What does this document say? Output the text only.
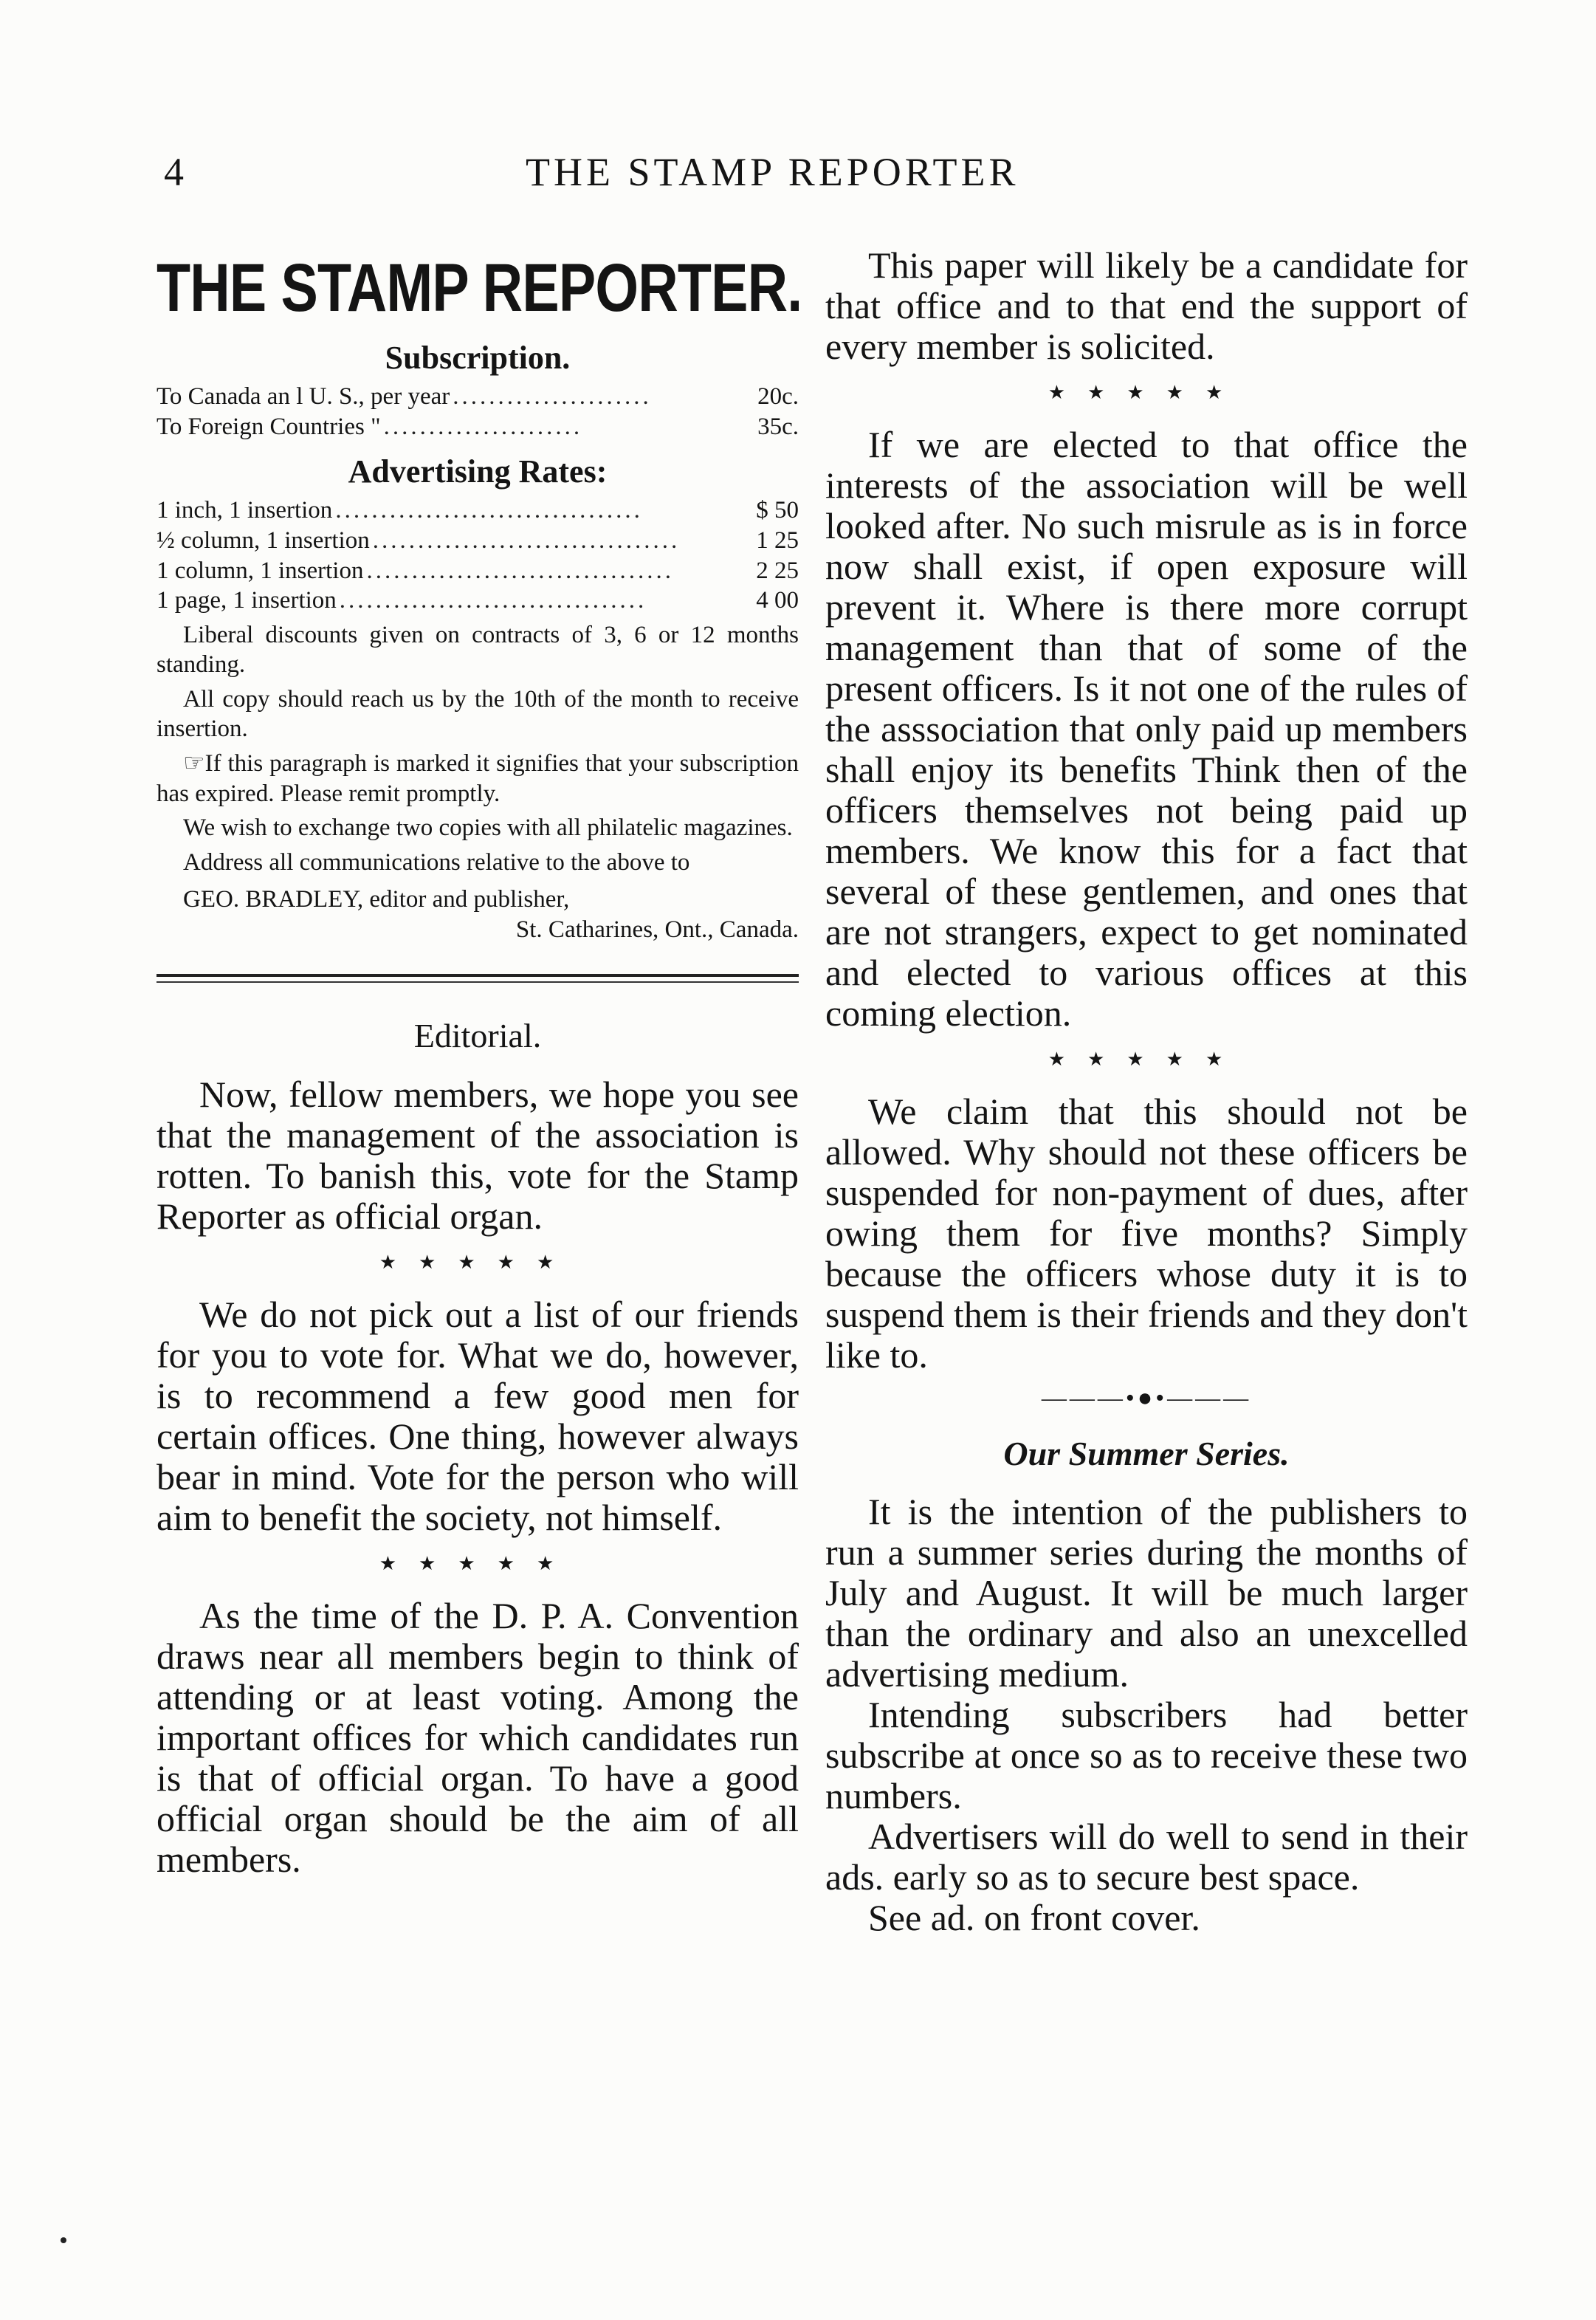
4	THE STAMP REPORTER
THE STAMP REPORTER.
Subscription.
To Canada an l U. S., per year ......................	20c.
To Foreign Countries " ......................	35c.
Advertising Rates:
1 inch, 1 insertion ..................................	$ 50
½ column, 1 insertion ..................................	1 25
1 column, 1 insertion ..................................	2 25
1 page, 1 insertion ..................................	4 00

Liberal discounts given on contracts of 3, 6 or 12 months standing.

All copy should reach us by the 10th of the month to receive insertion.

☞If this paragraph is marked it signifies that your subscription has expired. Please remit promptly.

We wish to exchange two copies with all philatelic magazines.

Address all communications relative to the above to

GEO. BRADLEY, editor and publisher,
St. Catharines, Ont., Canada.
Editorial.

Now, fellow members, we hope you see that the management of the association is rotten. To banish this, vote for the Stamp Reporter as official organ.

★★★★★

We do not pick out a list of our friends for you to vote for. What we do, however, is to recommend a few good men for certain offices. One thing, however always bear in mind. Vote for the person who will aim to benefit the society, not himself.

★★★★★

As the time of the D. P. A. Convention draws near all members begin to think of attending or at least voting. Among the important offices for which candidates run is that of official organ. To have a good official organ should be the aim of all members.

This paper will likely be a candidate for that office and to that end the support of every member is solicited.

★★★★★

If we are elected to that office the interests of the association will be well looked after. No such misrule as is in force now shall exist, if open exposure will prevent it. Where is there more corrupt management than that of some of the present officers. Is it not one of the rules of the asssociation that only paid up members shall enjoy its benefits Think then of the officers themselves not being paid up members. We know this for a fact that several of these gentlemen, and ones that are not strangers, expect to get nominated and elected to various offices at this coming election.

★★★★★

We claim that this should not be allowed. Why should not these officers be suspended for non-payment of dues, after owing them for five months? Simply because the officers whose duty it is to suspend them is their friends and they don't like to.

———•●•———
Our Summer Series.

It is the intention of the publishers to run a summer series during the months of July and August. It will be much larger than the ordinary and also an unexcelled advertising medium.

Intending subscribers had better subscribe at once so as to receive these two numbers.

Advertisers will do well to send in their ads. early so as to secure best space.

See ad. on front cover.
